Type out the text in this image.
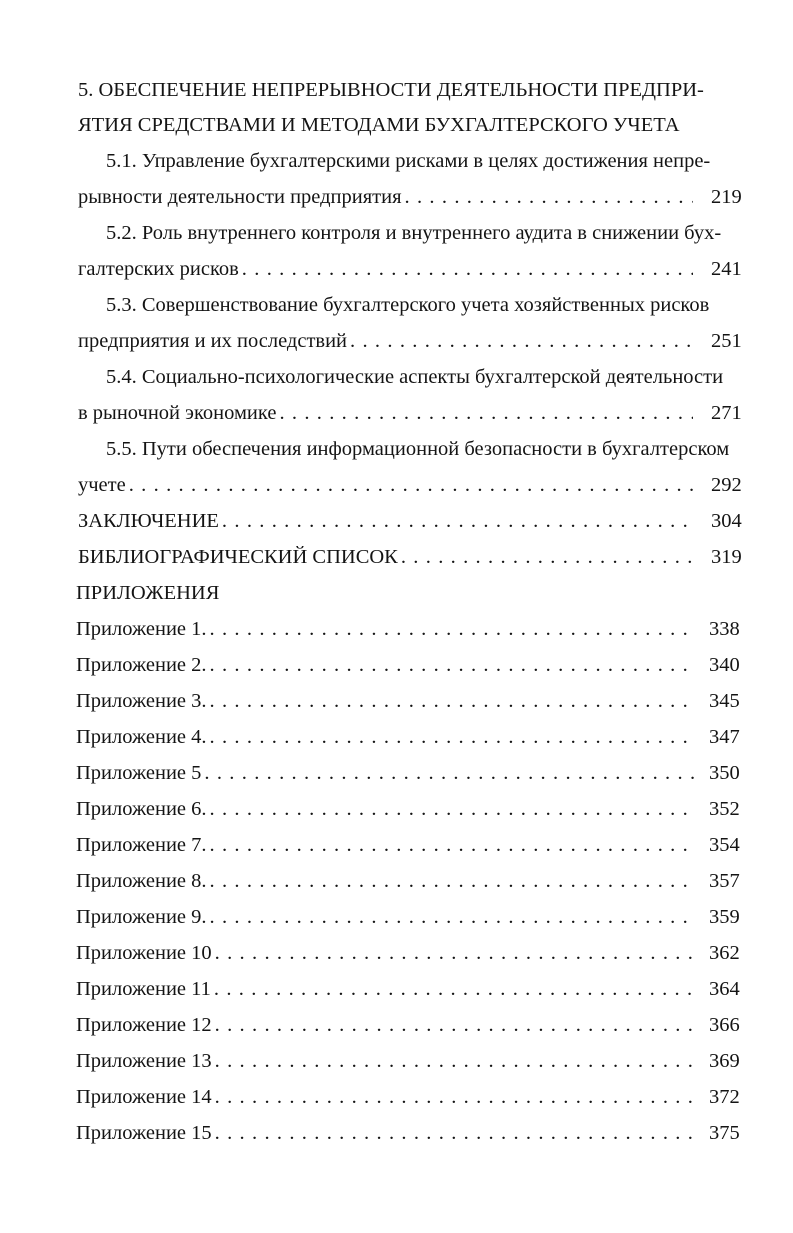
5. ОБЕСПЕЧЕНИЕ НЕПРЕРЫВНОСТИ ДЕЯТЕЛЬНОСТИ ПРЕДПРИ-
ЯТИЯ СРЕДСТВАМИ И МЕТОДАМИ БУХГАЛТЕРСКОГО УЧЕТА
5.1. Управление бухгалтерскими рисками в целях достижения непре-
рывности деятельности предприятия . . .	219
5.2. Роль внутреннего контроля и внутреннего аудита в снижении бух-
галтерских рисков . . .	241
5.3. Совершенствование бухгалтерского учета хозяйственных рисков
предприятия и их последствий . . .	251
5.4. Социально-психологические аспекты бухгалтерской деятельности
в рыночной экономике . . .	271
5.5. Пути обеспечения информационной безопасности в бухгалтерском
учете . . .	292
ЗАКЛЮЧЕНИЕ . . .	304
БИБЛИОГРАФИЧЕСКИЙ СПИСОК . . .	319
ПРИЛОЖЕНИЯ
Приложение 1. . . .	338
Приложение 2. . . .	340
Приложение 3. . . .	345
Приложение 4. . . .	347
Приложение 5 . . .	350
Приложение 6. . . .	352
Приложение 7. . . .	354
Приложение 8. . . .	357
Приложение 9. . . .	359
Приложение 10 . . .	362
Приложение 11 . . .	364
Приложение 12 . . .	366
Приложение 13 . . .	369
Приложение 14 . . .	372
Приложение 15 . . .	375
